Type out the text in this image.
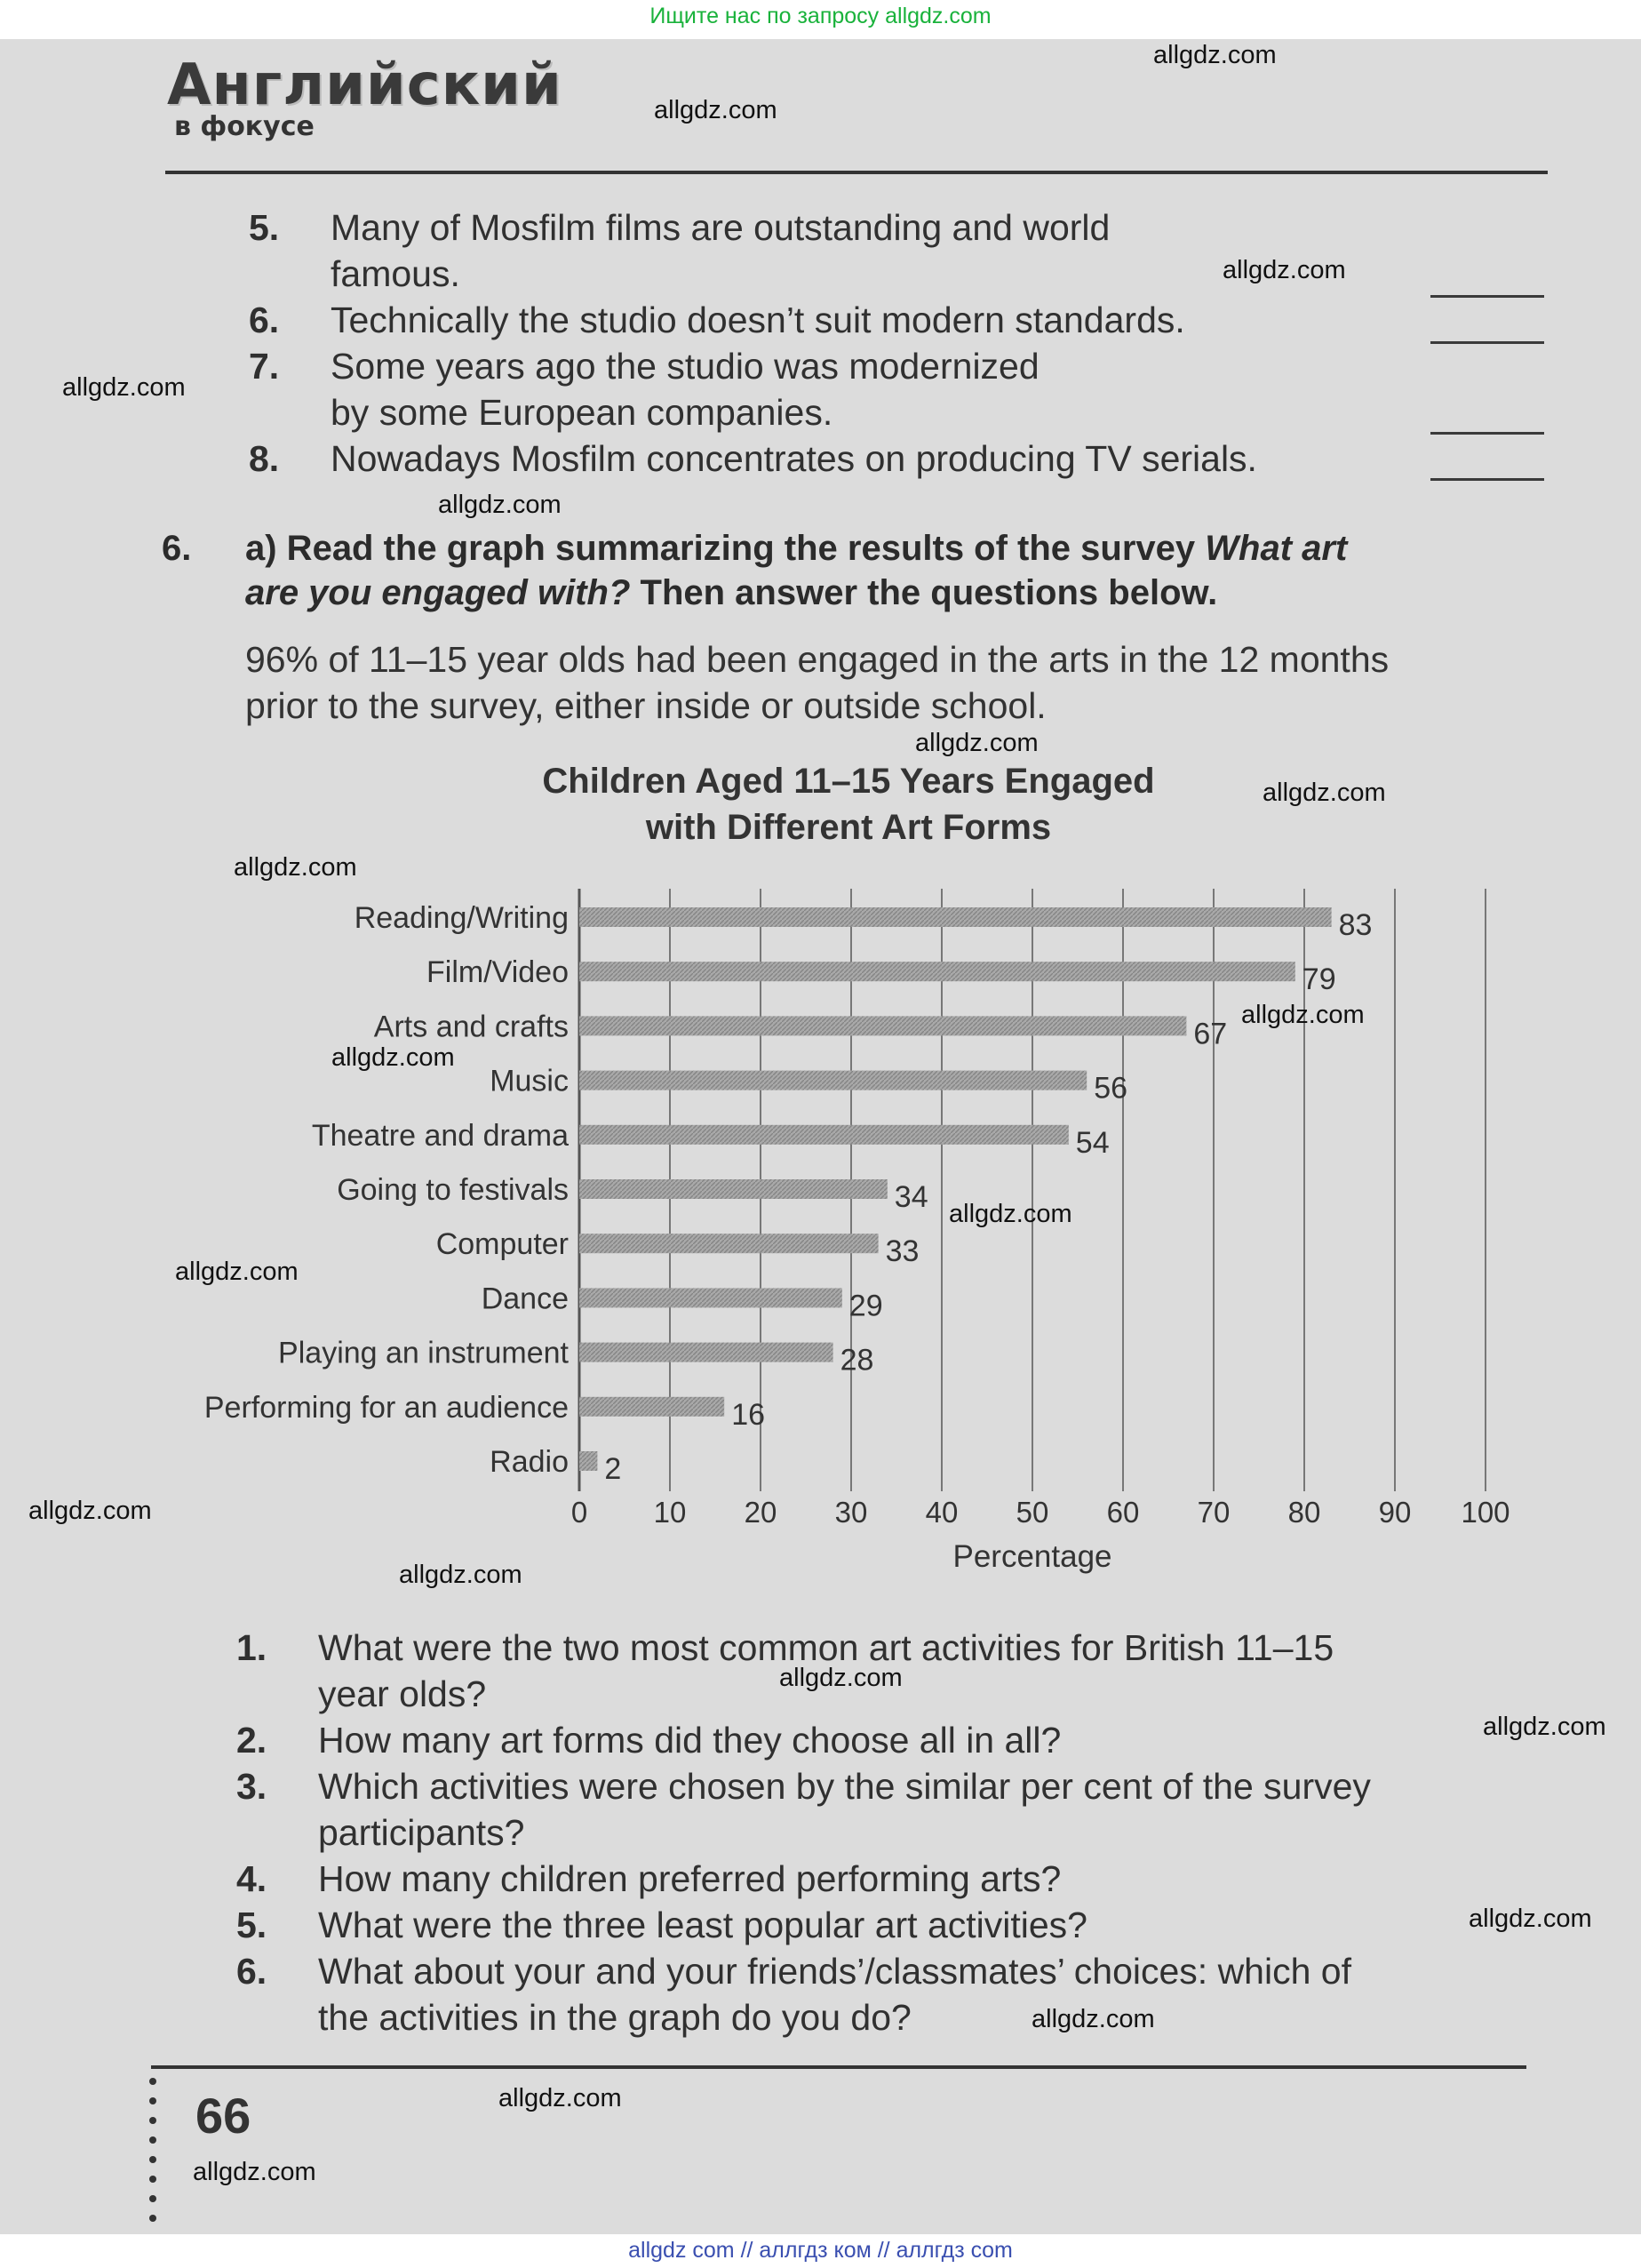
Ищите нас по запросу allgdz.com
Английский
в фокусе
5. Many of Mosfilm films are outstanding and world
famous.
6. Technically the studio doesn’t suit modern standards.
7. Some years ago the studio was modernized
by some European companies.
8. Nowadays Mosfilm concentrates on producing TV serials.
6. a) Read the graph summarizing the results of the survey What art
are you engaged with? Then answer the questions below.
96% of 11–15 year olds had been engaged in the arts in the 12 months
prior to the survey, either inside or outside school.
Children Aged 11–15 Years Engaged
with Different Art Forms
Reading/Writing	83
Film/Video	79
Arts and crafts	67
Music	56
Theatre and drama	54
Going to festivals	34
Computer	33
Dance	29
Playing an instrument	28
Performing for an audience	16
Radio 2
0 10 20 30 40 50 60 70 80 90 100
Percentage
1. What were the two most common art activities for British 11–15
year olds?
2. How many art forms did they choose all in all?
3. Which activities were chosen by the similar per cent of the survey
participants?
4. How many children preferred performing arts?
5. What were the three least popular art activities?
6. What about your and your friends’/classmates’ choices: which of
the activities in the graph do you do?
66
allgdz.com
allgdz.com
allgdz.com
allgdz.com
allgdz.com
allgdz.com
allgdz.com
allgdz.com
allgdz.com
allgdz.com
allgdz.com
allgdz.com
allgdz.com
allgdz.com
allgdz.com
allgdz.com
allgdz.com
allgdz.com
allgdz.com
allgdz.com
allgdz com // аллгдз ком // аллгдз com
